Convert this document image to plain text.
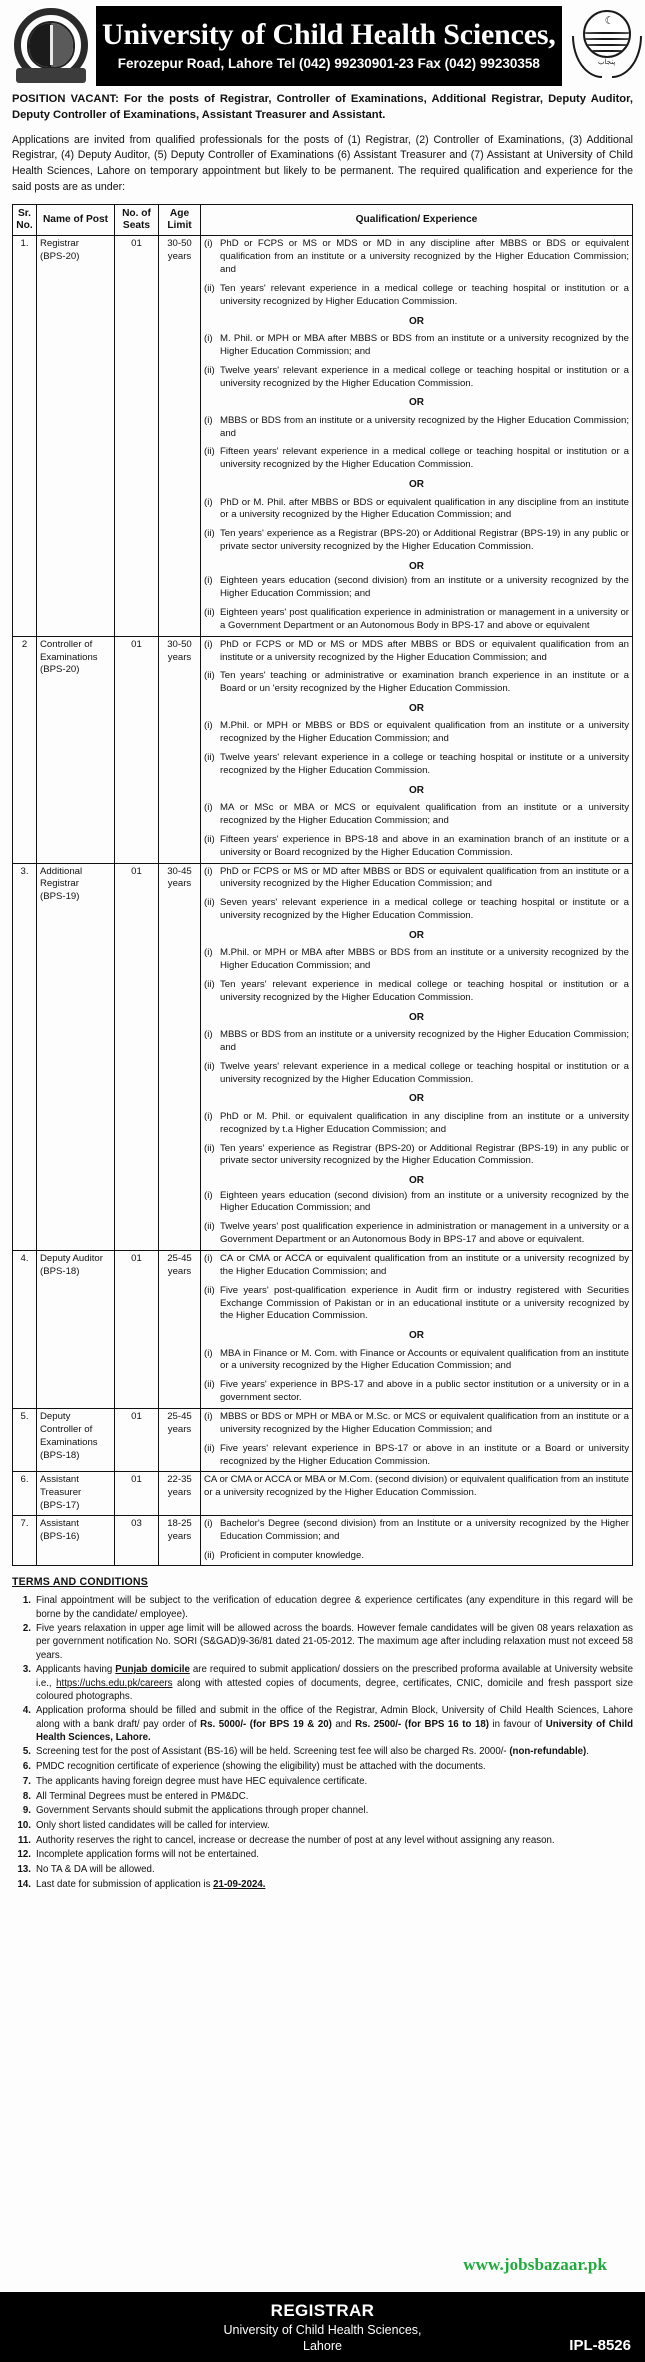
University of Child Health Sciences,
Ferozepur Road, Lahore Tel (042) 99230901-23 Fax (042) 99230358
☾
پنجاب
POSITION VACANT: For the posts of Registrar, Controller of Examinations, Additional Registrar, Deputy Auditor, Deputy Controller of Examinations, Assistant Treasurer and Assistant.
Applications are invited from qualified professionals for the posts of (1) Registrar, (2) Controller of Examinations, (3) Additional Registrar, (4) Deputy Auditor, (5) Deputy Controller of Examinations (6) Assistant Treasurer and (7) Assistant at University of Child Health Sciences, Lahore on temporary appointment but likely to be permanent. The required qualification and experience for the said posts are as under:
Sr.
No.
	Name of Post	
No. of
Seats

Age
Limit
	Qualification/ Experience
1.	Registrar
(BPS-20)
	01	30-50
years

(i) PhD or FCPS or MS or MDS or MD in any discipline after MBBS or BDS or equivalent qualification from an institute or a university recognized by the Higher Education Commission; and
(ii) Ten years' relevant experience in a medical college or teaching hospital or institution or a university recognized by Higher Education Commission.
OR
(i) M. Phil. or MPH or MBA after MBBS or BDS from an institute or a university recognized by the Higher Education Commission; and
(ii) Twelve years' relevant experience in a medical college or teaching hospital or institution or a university recognized by the Higher Education Commission.
OR
(i) MBBS or BDS from an institute or a university recognized by the Higher Education Commission; and
(ii) Fifteen years' relevant experience in a medical college or teaching hospital or institution or a university recognized by the Higher Education Commission.
OR
(i) PhD or M. Phil. after MBBS or BDS or equivalent qualification in any discipline from an institute or a university recognized by the Higher Education Commission; and
(ii) Ten years' experience as a Registrar (BPS-20) or Additional Registrar (BPS-19) in any public or private sector university recognized by the Higher Education Commission.
OR
(i) Eighteen years education (second division) from an institute or a university recognized by the Higher Education Commission; and
(ii) Eighteen years' post qualification experience in administration or management in a university or a Government Department or an Autonomous Body in BPS-17 and above or equivalent

2	Controller of
Examinations
(BPS-20)
	01	30-50
years

(i) PhD or FCPS or MD or MS or MDS after MBBS or BDS or equivalent qualification from an institute or a university recognized by the Higher Education Commission; and
(ii) Ten years' teaching or administrative or examination branch experience in an institute or a Board or un 'ersity recognized by the Higher Education Commission.
OR
(i) M.Phil. or MPH or MBBS or BDS or equivalent qualification from an institute or a university recognized by the Higher Education Commission; and
(ii) Twelve years' relevant experience in a college or teaching hospital or institute or a university recognized by the Higher Education Commission.
OR
(i) MA or MSc or MBA or MCS or equivalent qualification from an institute or a university recognized by the Higher Education Commission; and
(ii) Fifteen years' experience in BPS-18 and above in an examination branch of an institute or a university or Board recognized by the Higher Education Commission.

3.	Additional
Registrar
(BPS-19)
	01	30-45
years

(i) PhD or FCPS or MS or MD after MBBS or BDS or equivalent qualification from an institute or a university recognized by the Higher Education Commission; and
(ii) Seven years' relevant experience in a medical college or teaching hospital or institute or a university recognized by the Higher Education Commission.
OR
(i) M.Phil. or MPH or MBA after MBBS or BDS from an institute or a university recognized by the Higher Education Commission; and
(ii) Ten years' relevant experience in medical college or teaching hospital or institution or a university recognized by the Higher Education Commission.
OR
(i) MBBS or BDS from an institute or a university recognized by the Higher Education Commission; and
(ii) Twelve years' relevant experience in a medical college or teaching hospital or institution or a university recognized by the Higher Education Commission.
OR
(i) PhD or M. Phil. or equivalent qualification in any discipline from an institute or a university recognized by t.a Higher Education Commission; and
(ii) Ten years' experience as Registrar (BPS-20) or Additional Registrar (BPS-19) in any public or private sector university recognized by the Higher Education Commission.
OR
(i) Eighteen years education (second division) from an institute or a university recognized by the Higher Education Commission; and
(ii) Twelve years' post qualification experience in administration or management in a university or a Government Department or an Autonomous Body in BPS-17 and above or equivalent.

4.	Deputy Auditor
(BPS-18)
	01	25-45
years

(i) CA or CMA or ACCA or equivalent qualification from an institute or a university recognized by the Higher Education Commission; and
(ii) Five years' post-qualification experience in Audit firm or industry registered with Securities Exchange Commission of Pakistan or in an educational institute or a university recognized by the Higher Education Commission.
OR
(i) MBA in Finance or M. Com. with Finance or Accounts or equivalent qualification from an institute or a university recognized by the Higher Education Commission; and
(ii) Five years' experience in BPS-17 and above in a public sector institution or a university or in a government sector.

5.	Deputy
Controller of
Examinations
(BPS-18)
	01	25-45
years

(i) MBBS or BDS or MPH or MBA or M.Sc. or MCS or equivalent qualification from an institute or a university recognized by the Higher Education Commission; and
(ii) Five years' relevant experience in BPS-17 or above in an institute or a Board or university recognized by the Higher Education Commission.

6.	Assistant
Treasurer
(BPS-17)
	01	22-35
years

CA or CMA or ACCA or MBA or M.Com. (second division) or equivalent qualification from an institute or a university recognized by the Higher Education Commission.

7.	Assistant
(BPS-16)
	03	18-25
years

(i) Bachelor's Degree (second division) from an Institute or a university recognized by the Higher Education Commission; and
(ii) Proficient in computer knowledge.
TERMS AND CONDITIONS
Final appointment will be subject to the verification of education degree & experience certificates (any expenditure in this regard will be borne by the candidate/ employee).
Five years relaxation in upper age limit will be allowed across the boards. However female candidates will be given 08 years relaxation as per government notification No. SORI (S&GAD)9-36/81 dated 21-05-2012. The maximum age after including relaxation must not exceed 58 years.
Applicants having Punjab domicile are required to submit application/ dossiers on the prescribed proforma available at University website i.e., https://uchs.edu.pk/careers along with attested copies of documents, degree, certificates, CNIC, domicile and fresh passport size coloured photographs.
Application proforma should be filled and submit in the office of the Registrar, Admin Block, University of Child Health Sciences, Lahore along with a bank draft/ pay order of Rs. 5000/- (for BPS 19 & 20) and Rs. 2500/- (for BPS 16 to 18) in favour of University of Child Health Sciences, Lahore.
Screening test for the post of Assistant (BS-16) will be held. Screening test fee will also be charged Rs. 2000/- (non-refundable).
PMDC recognition certificate of experience (showing the eligibility) must be attached with the documents.
The applicants having foreign degree must have HEC equivalence certificate.
All Terminal Degrees must be entered in PM&DC.
Government Servants should submit the applications through proper channel.
Only short listed candidates will be called for interview.
Authority reserves the right to cancel, increase or decrease the number of post at any level without assigning any reason.
Incomplete application forms will not be entertained.
No TA & DA will be allowed.
Last date for submission of application is 21-09-2024.
www.jobsbazaar.pk
REGISTRAR
University of Child Health Sciences,
Lahore	IPL-8526
